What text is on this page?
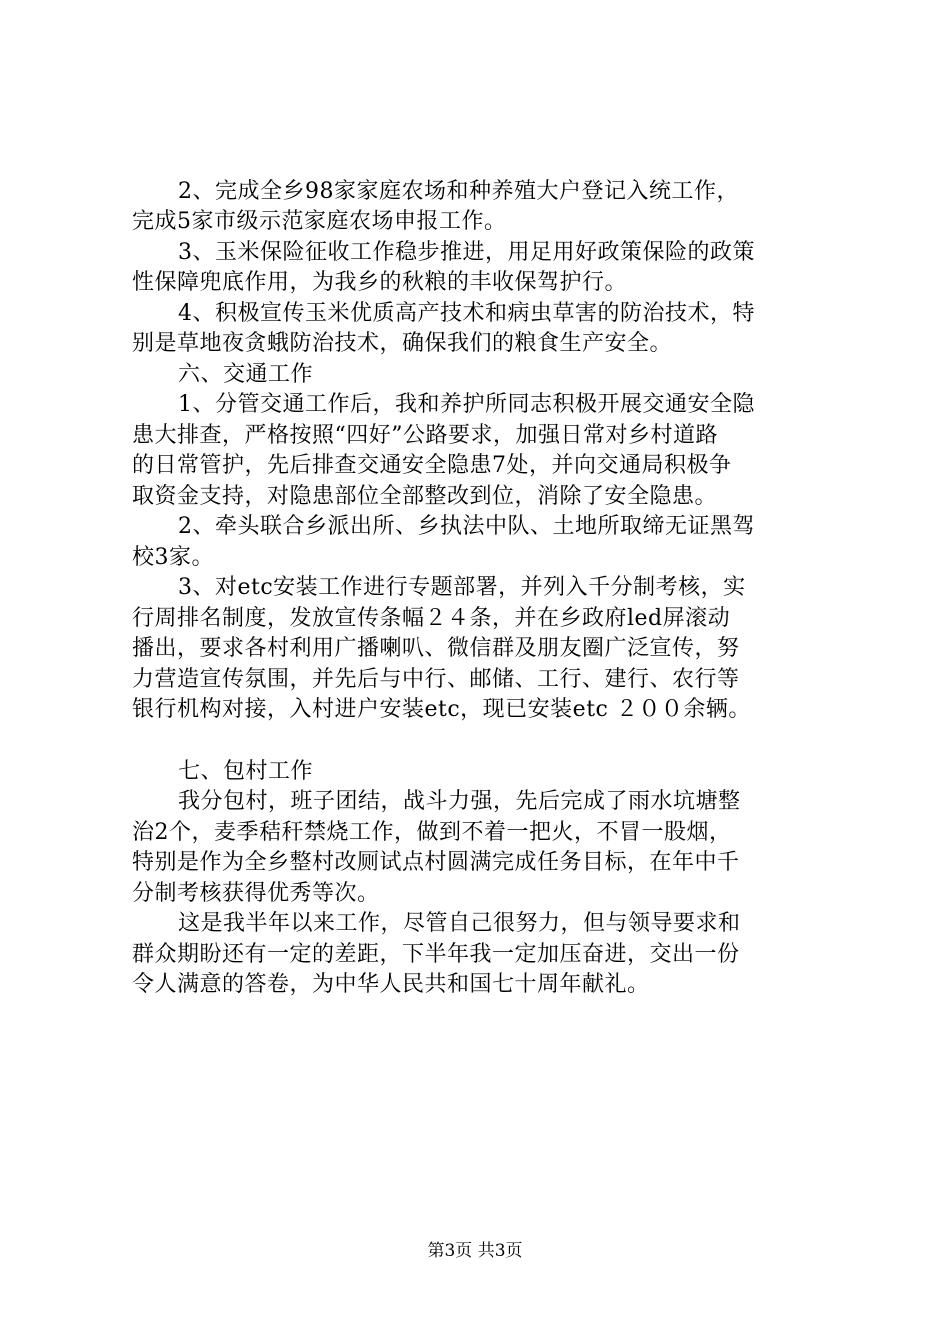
2、完成全乡98家家庭农场和种养殖大户登记入统工作，
完成5家市级示范家庭农场申报工作。
3、玉米保险征收工作稳步推进，用足用好政策保险的政策
性保障兜底作用，为我乡的秋粮的丰收保驾护行。
4、积极宣传玉米优质高产技术和病虫草害的防治技术，特
别是草地夜贪蛾防治技术，确保我们的粮食生产安全。
六、交通工作
1、分管交通工作后，我和养护所同志积极开展交通安全隐
患大排查，严格按照“四好”公路要求，加强日常对乡村道路
的日常管护，先后排查交通安全隐患7处，并向交通局积极争
取资金支持，对隐患部位全部整改到位，消除了安全隐患。
2、牵头联合乡派出所、乡执法中队、土地所取缔无证黑驾
校3家。
3、对etc安装工作进行专题部署，并列入千分制考核，实
行周排名制度，发放宣传条幅２４条，并在乡政府led屏滚动
播出，要求各村利用广播喇叭、微信群及朋友圈广泛宣传，努
力营造宣传氛围，并先后与中行、邮储、工行、建行、农行等
银行机构对接，入村进户安装etc，现已安装etc ２００余辆。
七、包村工作
我分包村，班子团结，战斗力强，先后完成了雨水坑塘整
治2个，麦季秸秆禁烧工作，做到不着一把火，不冒一股烟，
特别是作为全乡整村改厕试点村圆满完成任务目标，在年中千
分制考核获得优秀等次。
这是我半年以来工作，尽管自己很努力，但与领导要求和
群众期盼还有一定的差距，下半年我一定加压奋进，交出一份
令人满意的答卷，为中华人民共和国七十周年献礼。
第3页 共3页
